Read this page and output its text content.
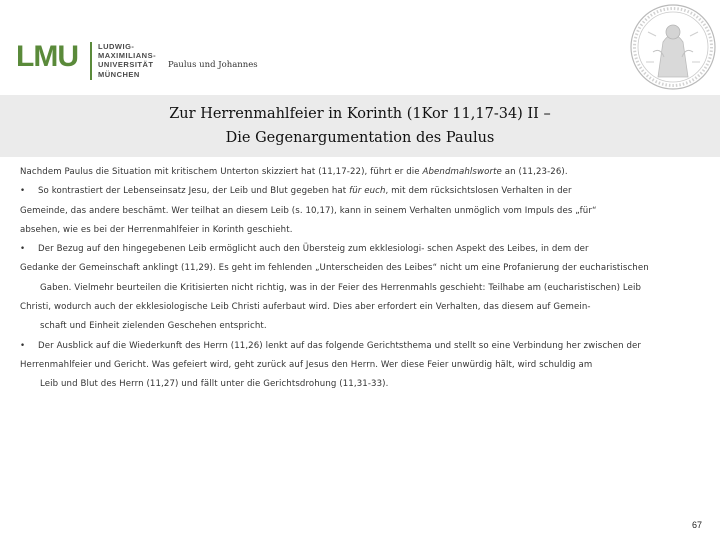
LMU	LUDWIG-
MAXIMILIANS-
UNIVERSITÄT
MÜNCHEN
Paulus und Johannes
Zur Herrenmahlfeier in Korinth (1Kor 11,17-34) II –
Die Gegenargumentation des Paulus
Nachdem Paulus die Situation mit kritischem Unterton skizziert hat (11,17-22), führt er die Abendmahlsworte an (11,23-26).
• So kontrastiert der Lebenseinsatz Jesu, der Leib und Blut gegeben hat für euch, mit dem rücksichtslosen Verhalten in der
Gemeinde, das andere beschämt. Wer teilhat an diesem Leib (s. 10,17), kann in seinem Verhalten unmöglich vom Impuls des „für“
absehen, wie es bei der Herrenmahlfeier in Korinth geschieht.
• Der Bezug auf den hingegebenen Leib ermöglicht auch den Übersteig zum ekklesiologi- schen Aspekt des Leibes, in dem der
Gedanke der Gemeinschaft anklingt (11,29). Es geht im fehlenden „Unterscheiden des Leibes“ nicht um eine Profanierung der eucharistischen
Gaben. Vielmehr beurteilen die Kritisierten nicht richtig, was in der Feier des Herrenmahls geschieht: Teilhabe am (eucharistischen) Leib
Christi, wodurch auch der ekklesiologische Leib Christi auferbaut wird. Dies aber erfordert ein Verhalten, das diesem auf Gemein-
schaft und Einheit zielenden Geschehen entspricht.
• Der Ausblick auf die Wiederkunft des Herrn (11,26) lenkt auf das folgende Gerichtsthema und stellt so eine Verbindung her zwischen der
Herrenmahlfeier und Gericht. Was gefeiert wird, geht zurück auf Jesus den Herrn. Wer diese Feier unwürdig hält, wird schuldig am
Leib und Blut des Herrn (11,27) und fällt unter die Gerichtsdrohung (11,31-33).
67
